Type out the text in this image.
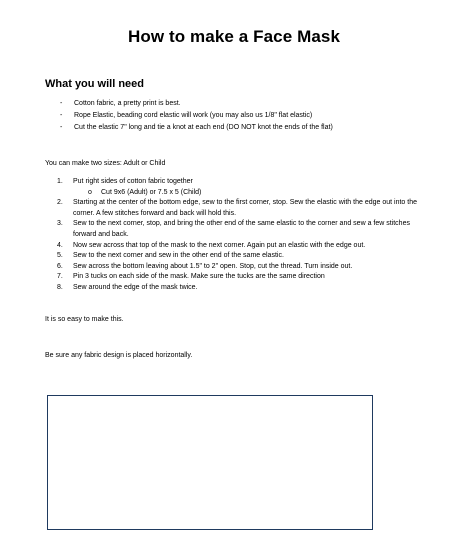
How to make a Face Mask
What you will need
- Cotton fabric, a pretty print is best.
- Rope Elastic, beading cord elastic will work (you may also us 1/8" flat elastic)
- Cut the elastic 7" long and tie a knot at each end (DO NOT knot the ends of the flat)
You can make two sizes: Adult or Child
1. Put right sides of cotton fabric together
o Cut 9x6 (Adult) or 7.5 x 5 (Child)
2. Starting at the center of the bottom edge, sew to the first corner, stop. Sew the elastic with the edge out into the corner. A few stitches forward and back will hold this.
3. Sew to the next corner, stop, and bring the other end of the same elastic to the corner and sew a few stitches forward and back.
4. Now sew across that top of the mask to the next corner. Again put an elastic with the edge out.
5. Sew to the next corner and sew in the other end of the same elastic.
6. Sew across the bottom leaving about 1.5" to 2" open. Stop, cut the thread. Turn inside out.
7. Pin 3 tucks on each side of the mask. Make sure the tucks are the same direction
8. Sew around the edge of the mask twice.
It is so easy to make this.
Be sure any fabric design is placed horizontally.
